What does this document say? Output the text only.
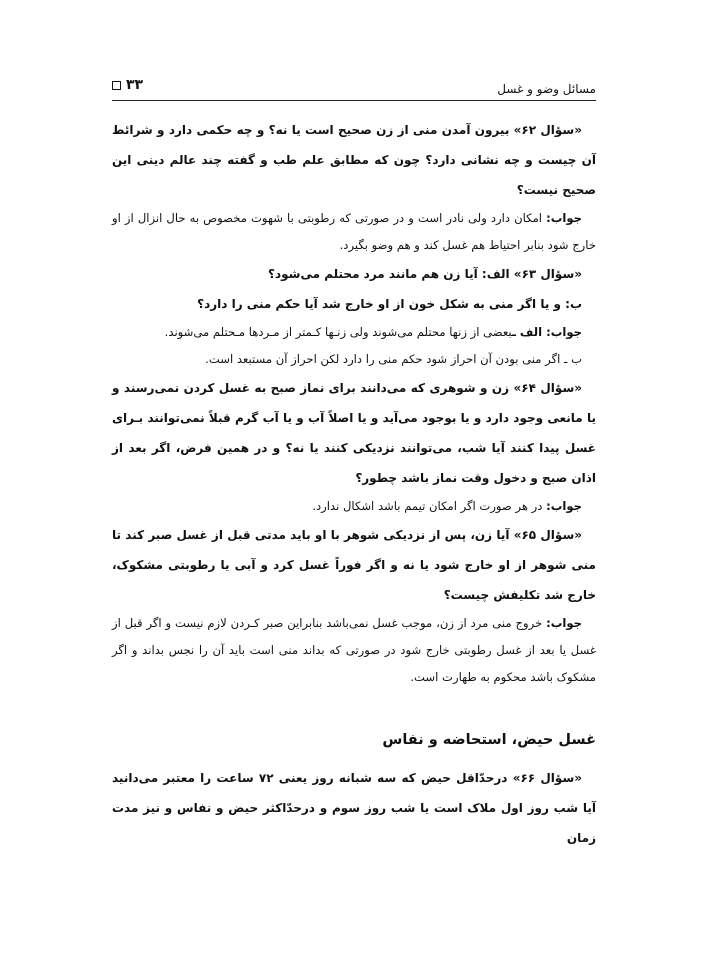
مسائل وضو و غسل
۳۳

«سؤال ۶۲» بیرون آمدن منی از زن صحیح است یا نه؟ و چه حکمی دارد و شرائط آن چیست و چه نشانی دارد؟ چون که مطابق علم طب و گفته چند عالم دینی این صحیح نیست؟

جواب: امکان دارد ولی نادر است و در صورتی که رطوبتی با شهوت مخصوص به حال انزال از او خارج شود بنابر احتیاط هم غسل کند و هم وضو بگیرد.

«سؤال ۶۳» الف: آیا زن هم مانند مرد محتلم می‌شود؟

ب: و یا اگر منی به شکل خون از او خارج شد آیا حکم منی را دارد؟

جواب: الف ـبعضی از زنها محتلم می‌شوند ولی زنـها کـمتر از مـردها مـحتلم می‌شوند.

ب ـ اگر منی بودن آن احراز شود حکم منی را دارد لکن احراز آن مستبعد است.

«سؤال ۶۴» زن و شوهری که می‌دانند برای نماز صبح به غسل کردن نمی‌رسند و یا مانعی وجود دارد و یا بوجود می‌آید و یا اصلاً آب و یا آب گرم قبلاً نمی‌توانند بـرای غسل پیدا کنند آیا شب، می‌توانند نزدیکی کنند یا نه؟ و در همین فرض، اگر بعد از اذان صبح و دخول وقت نماز باشد چطور؟

جواب: در هر صورت اگر امکان تیمم باشد اشکال ندارد.

«سؤال ۶۵» آیا زن، پس از نزدیکی شوهر با او باید مدتی قبل از غسل صبر کند تا منی شوهر از او خارج شود یا نه و اگر فوراً غسل کرد و آبی یا رطوبتی مشکوک، خارج شد تکلیفش چیست؟

جواب: خروج منی مرد از زن، موجب غسل نمی‌باشد بنابراین صبر کـردن لازم نیست و اگر قبل از غسل یا بعد از غسل رطوبتی خارج شود در صورتی که بداند منی است باید آن را نجس بداند و اگر مشکوک باشد محکوم به طهارت است.

غسل حیض، استحاضه و نفاس

«سؤال ۶۶» درحدّاقل حیض که سه شبانه روز یعنی ۷۲ ساعت را معتبر می‌دانید آیا شب روز اول ملاک است یا شب روز سوم و درحدّاکثر حیض و نفاس و نیز مدت زمان
